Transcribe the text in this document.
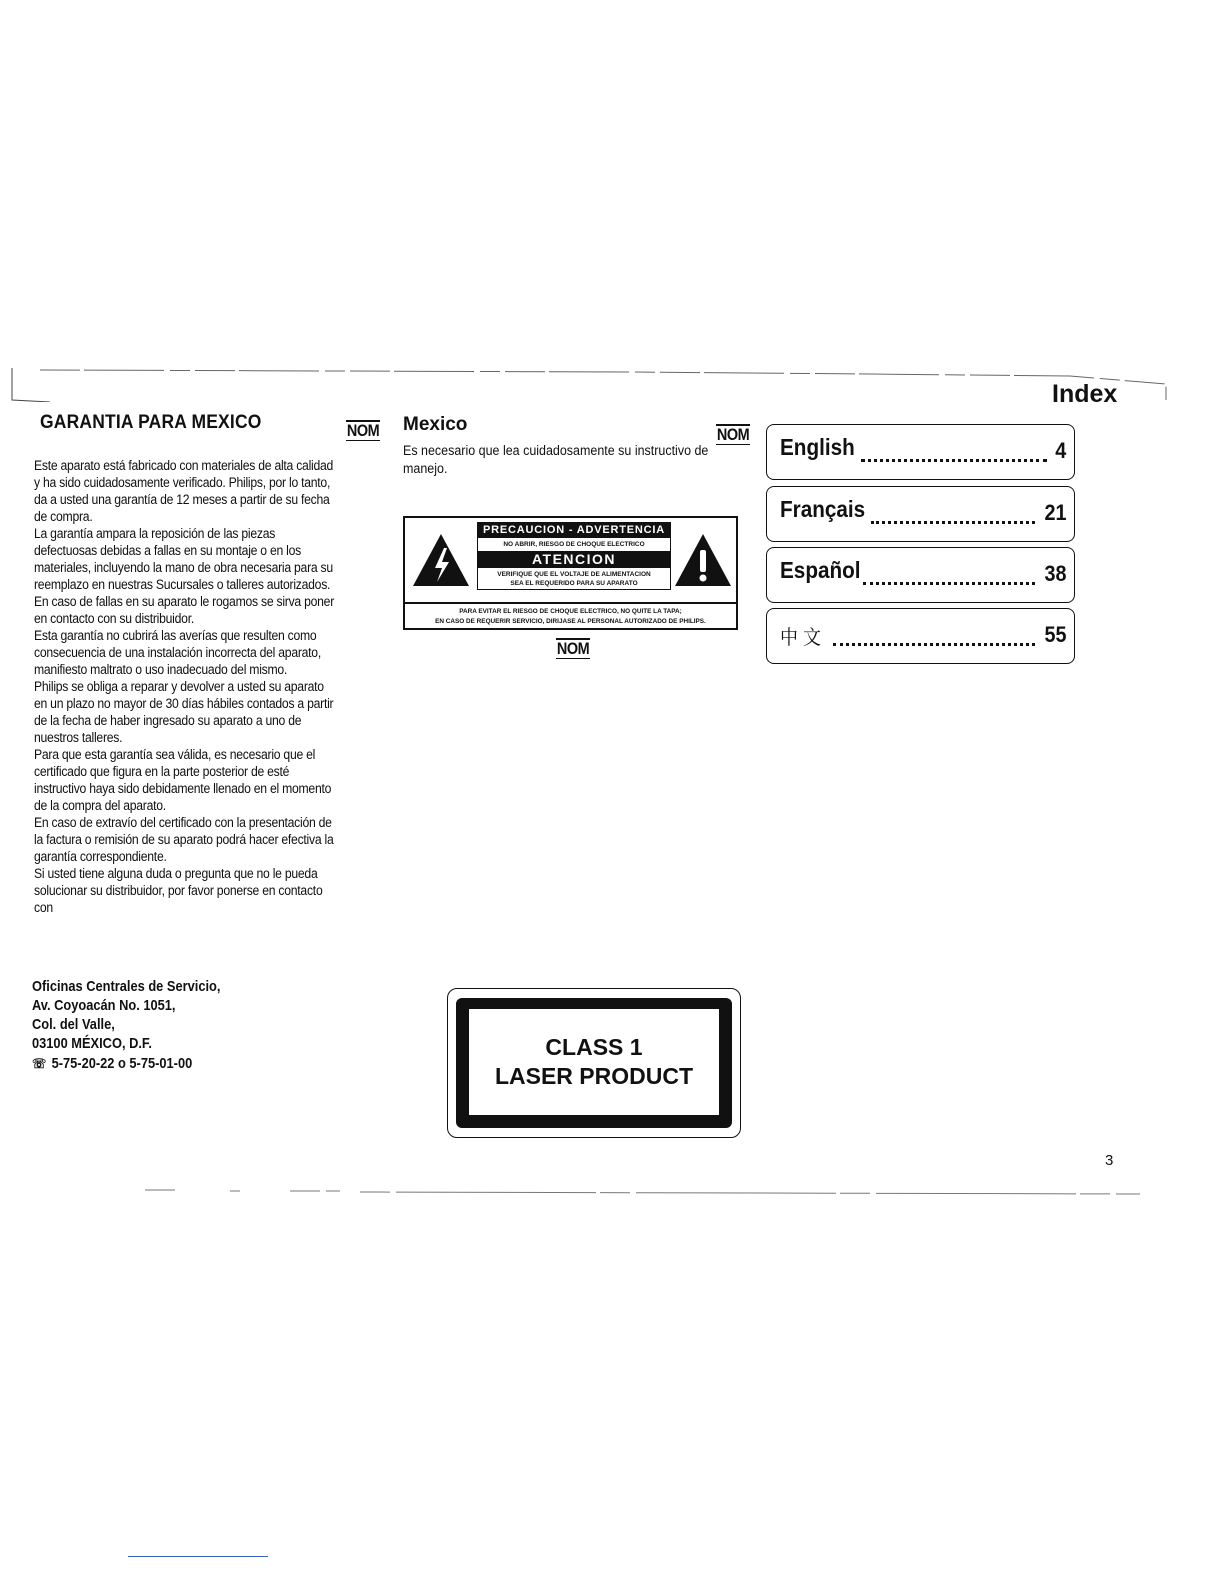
Index
GARANTIA PARA MEXICO	NOM

Este aparato está fabricado con materiales de alta calidad

y ha sido cuidadosamente verificado. Philips, por lo tanto,

da a usted una garantía de 12 meses a partir de su fecha

de compra.

La garantía ampara la reposición de las piezas

defectuosas debidas a fallas en su montaje o en los

materiales, incluyendo la mano de obra necesaria para su

reemplazo en nuestras Sucursales o talleres autorizados.

En caso de fallas en su aparato le rogamos se sirva poner

en contacto con su distribuidor.

Esta garantía no cubrirá las averías que resulten como

consecuencia de una instalación incorrecta del aparato,

manifiesto maltrato o uso inadecuado del mismo.

Philips se obliga a reparar y devolver a usted su aparato

en un plazo no mayor de 30 días hábiles contados a partir

de la fecha de haber ingresado su aparato a uno de

nuestros talleres.

Para que esta garantía sea válida, es necesario que el

certificado que figura en la parte posterior de esté

instructivo haya sido debidamente llenado en el momento

de la compra del aparato.

En caso de extravío del certificado con la presentación de

la factura o remisión de su aparato podrá hacer efectiva la

garantía correspondiente.

Si usted tiene alguna duda o pregunta que no le pueda

solucionar su distribuidor, por favor ponerse en contacto

con

Oficinas Centrales de Servicio,
Av. Coyoacán No. 1051,
Col. del Valle,
03100 MÉXICO, D.F.
☏ 5-75-20-22 o 5-75-01-00
Mexico	NOM
Es necesario que lea cuidadosamente su instructivo de
manejo.
PRECAUCION - ADVERTENCIA
NO ABRIR, RIESGO DE CHOQUE ELECTRICO
ATENCION
VERIFIQUE QUE EL VOLTAJE DE ALIMENTACION
SEA EL REQUERIDO PARA SU APARATO
PARA EVITAR EL RIESGO DE CHOQUE ELECTRICO, NO QUITE LA TAPA;
EN CASO DE REQUERIR SERVICIO, DIRIJASE AL PERSONAL AUTORIZADO DE PHILIPS.
NOM
CLASS 1
LASER PRODUCT
English	4
Français	21
Español	38
中 文	55
3
